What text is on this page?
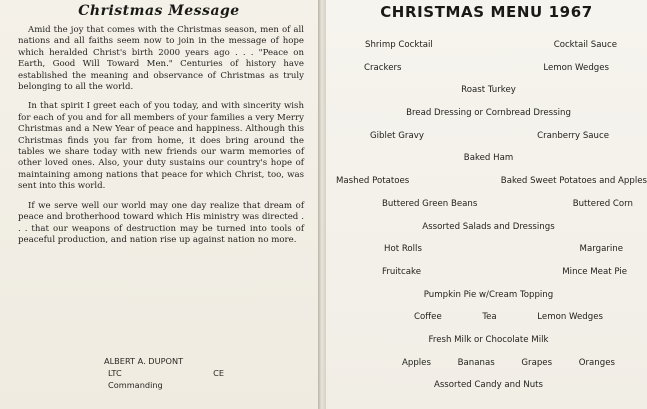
Christmas Message

Amid the joy that comes with the Christmas season, men of all nations and all faiths seem now to join in the message of hope which heralded Christ's birth 2000 years ago . . . "Peace on Earth, Good Will Toward Men." Centuries of history have established the meaning and observance of Christmas as truly belonging to all the world.

In that spirit I greet each of you today, and with sincerity wish for each of you and for all members of your families a very Merry Christmas and a New Year of peace and happiness. Although this Christmas finds you far from home, it does bring around the tables we share today with new friends our warm memories of other loved ones. Also, your duty sustains our country's hope of maintaining among nations that peace for which Christ, too, was sent into this world.

If we serve well our world may one day realize that dream of peace and brotherhood toward which His ministry was directed . . . that our weapons of destruction may be turned into tools of peaceful production, and nation rise up against nation no more.

ALBERT A. DUPONT
LTC	CE
Commanding
CHRISTMAS MENU 1967
Shrimp Cocktail	Cocktail Sauce
Crackers	Lemon Wedges
Roast Turkey
Bread Dressing or Cornbread Dressing
Giblet Gravy	Cranberry Sauce
Baked Ham
Mashed Potatoes	Baked Sweet Potatoes and Apples
Buttered Green Beans	Buttered Corn
Assorted Salads and Dressings
Hot Rolls	Margarine
Fruitcake	Mince Meat Pie
Pumpkin Pie w/Cream Topping
Coffee	Tea	Lemon Wedges
Fresh Milk or Chocolate Milk
Apples	Bananas	Grapes	Oranges
Assorted Candy and Nuts
